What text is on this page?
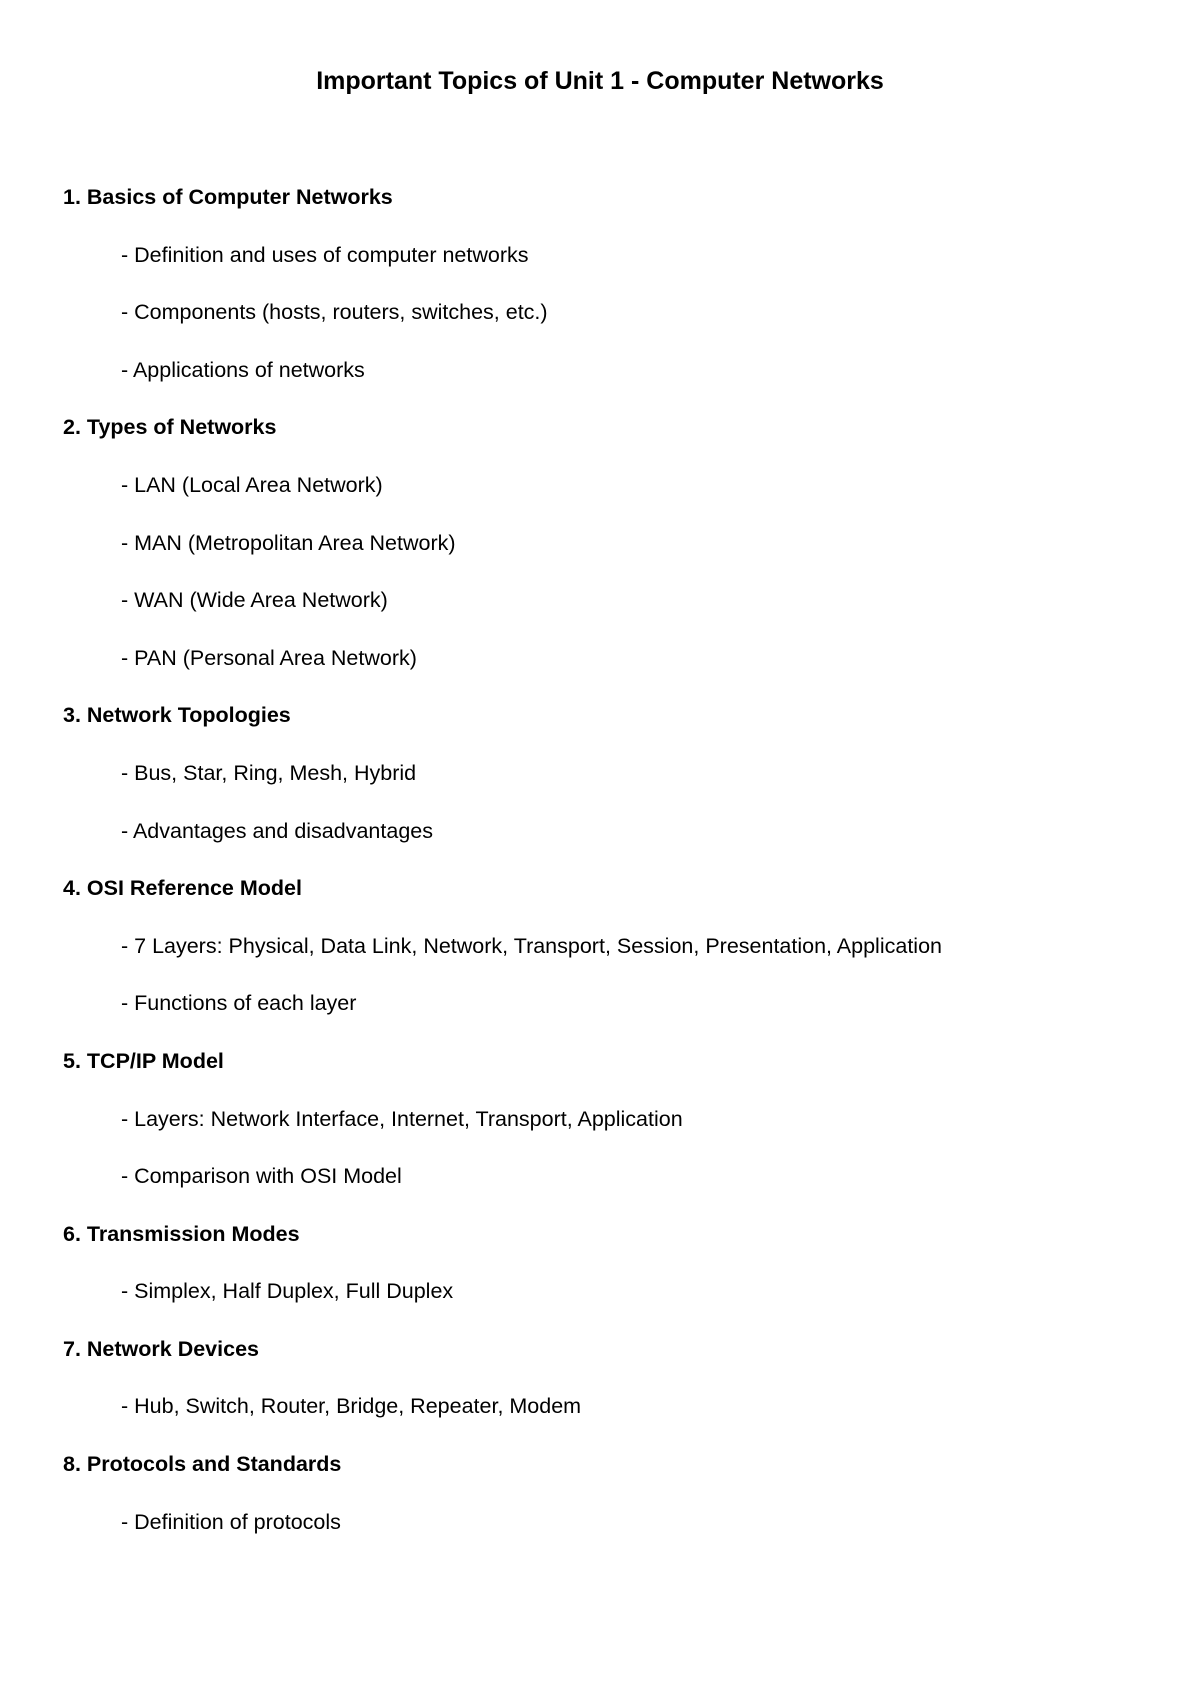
Important Topics of Unit 1 - Computer Networks
1. Basics of Computer Networks
- Definition and uses of computer networks
- Components (hosts, routers, switches, etc.)
- Applications of networks
2. Types of Networks
- LAN (Local Area Network)
- MAN (Metropolitan Area Network)
- WAN (Wide Area Network)
- PAN (Personal Area Network)
3. Network Topologies
- Bus, Star, Ring, Mesh, Hybrid
- Advantages and disadvantages
4. OSI Reference Model
- 7 Layers: Physical, Data Link, Network, Transport, Session, Presentation, Application
- Functions of each layer
5. TCP/IP Model
- Layers: Network Interface, Internet, Transport, Application
- Comparison with OSI Model
6. Transmission Modes
- Simplex, Half Duplex, Full Duplex
7. Network Devices
- Hub, Switch, Router, Bridge, Repeater, Modem
8. Protocols and Standards
- Definition of protocols
